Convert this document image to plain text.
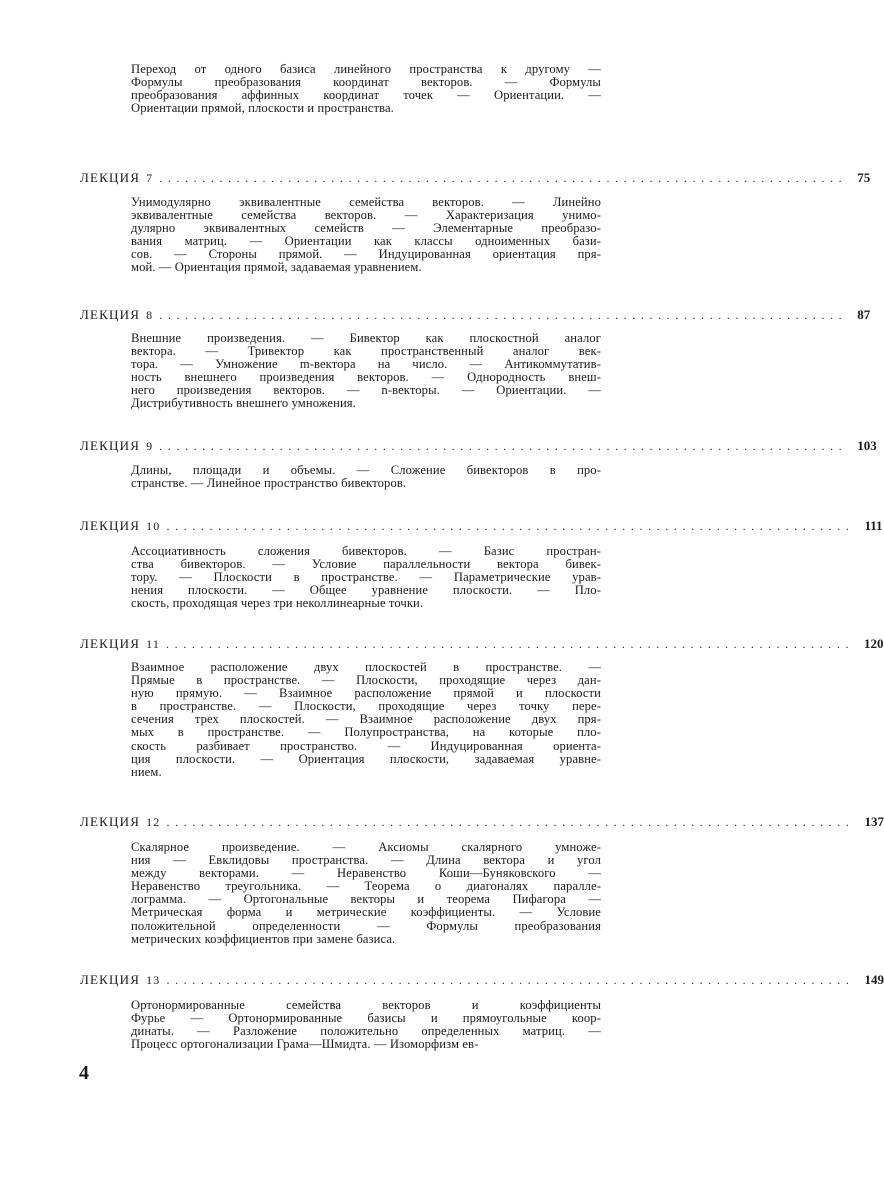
Переход от одного базиса линейного пространства к другому —
Формулы преобразования координат векторов. — Формулы
преобразования аффинных координат точек — Ориентации. —
Ориентации прямой, плоскости и пространства.
ЛЕКЦИЯ 7 ................................................................................ 75
Унимодулярно эквивалентные семейства векторов. — Линейно
эквивалентные семейства векторов. — Характеризация унимо-
дулярно эквивалентных семейств — Элементарные преобразо-
вания матриц. — Ориентации как классы одноименных бази-
сов. — Стороны прямой. — Индуцированная ориентация пря-
мой. — Ориентация прямой, задаваемая уравнением.
ЛЕКЦИЯ 8 ................................................................................ 87
Внешние произведения. — Бивектор как плоскостной аналог
вектора. — Тривектор как пространственный аналог век-
тора. — Умножение m-вектора на число. — Антикоммутатив-
ность внешнего произведения векторов. — Однородность внеш-
него произведения векторов. — n-векторы. — Ориентации. —
Дистрибутивность внешнего умножения.
ЛЕКЦИЯ 9 ................................................................................ 103
Длины, площади и объемы. — Сложение бивекторов в про-
странстве. — Линейное пространство бивекторов.
ЛЕКЦИЯ 10 ................................................................................ 111
Ассоциативность сложения бивекторов. — Базис простран-
ства бивекторов. — Условие параллельности вектора бивек-
тору. — Плоскости в пространстве. — Параметрические урав-
нения плоскости. — Общее уравнение плоскости. — Пло-
скость, проходящая через три неколлинеарные точки.
ЛЕКЦИЯ 11 ................................................................................ 120
Взаимное расположение двух плоскостей в пространстве. —
Прямые в пространстве. — Плоскости, проходящие через дан-
ную прямую. — Взаимное расположение прямой и плоскости
в пространстве. — Плоскости, проходящие через точку пере-
сечения трех плоскостей. — Взаимное расположение двух пря-
мых в пространстве. — Полупространства, на которые пло-
скость разбивает пространство. — Индуцированная ориента-
ция плоскости. — Ориентация плоскости, задаваемая уравне-
нием.
ЛЕКЦИЯ 12 ................................................................................ 137
Скалярное произведение. — Аксиомы скалярного умноже-
ния — Евклидовы пространства. — Длина вектора и угол
между векторами. — Неравенство Коши—Буняковского —
Неравенство треугольника. — Теорема о диагоналях паралле-
лограмма. — Ортогональные векторы и теорема Пифагора —
Метрическая форма и метрические коэффициенты. — Условие
положительной определенности — Формулы преобразования
метрических коэффициентов при замене базиса.
ЛЕКЦИЯ 13 ................................................................................ 149
Ортонормированные семейства векторов и коэффициенты
Фурье — Ортонормированные базисы и прямоугольные коор-
динаты. — Разложение положительно определенных матриц. —
Процесс ортогонализации Грама—Шмидта. — Изоморфизм ев-
4
